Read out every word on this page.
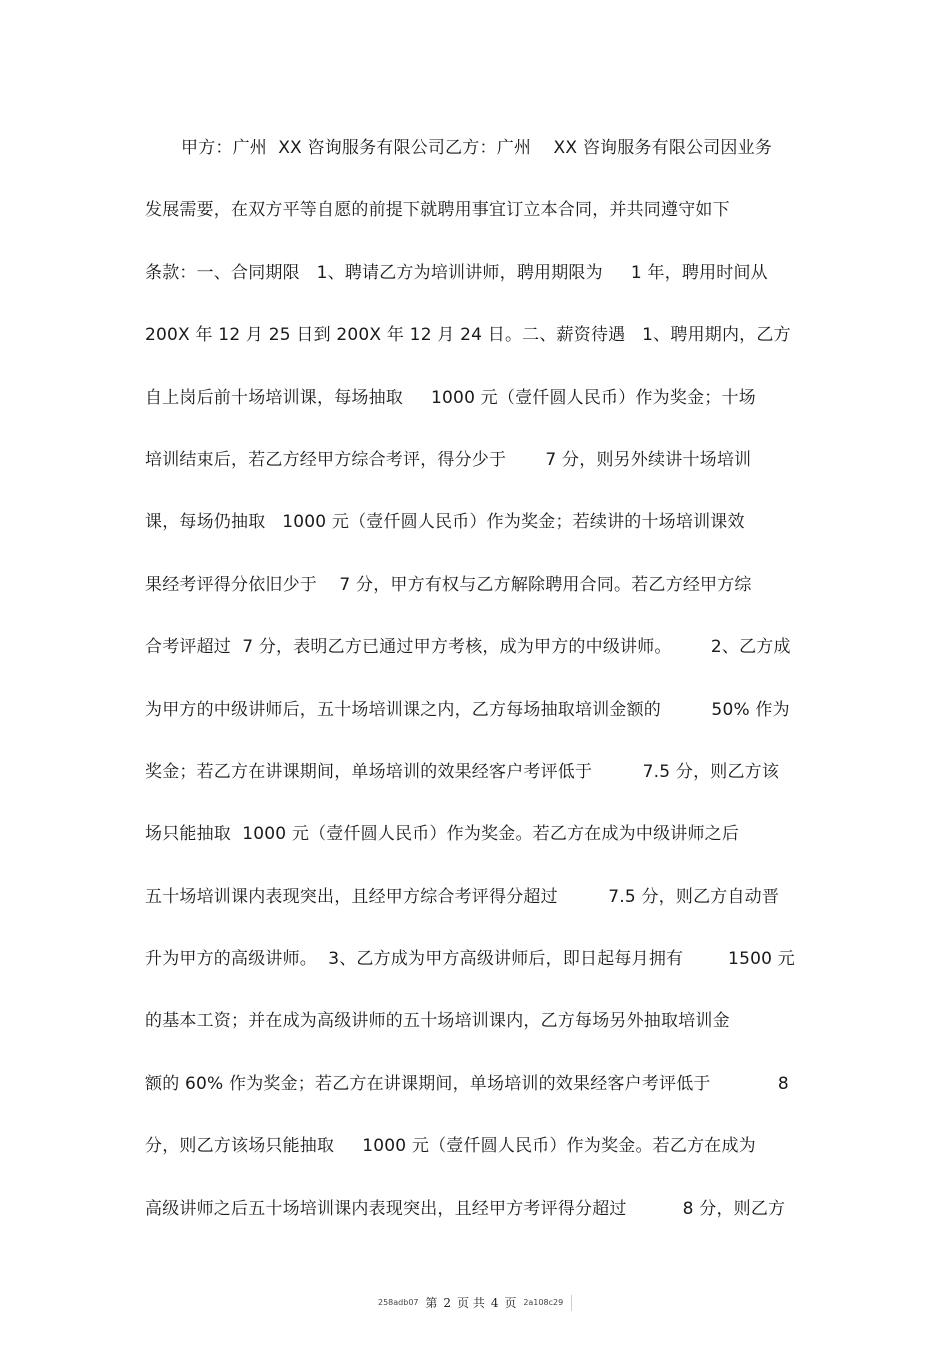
甲方：广州  XX 咨询服务有限公司乙方：广州    XX 咨询服务有限公司因业务
发展需要，在双方平等自愿的前提下就聘用事宜订立本合同，并共同遵守如下
条款：一、合同期限   1、聘请乙方为培训讲师，聘用期限为     1 年，聘用时间从
200X 年 12 月 25 日到 200X 年 12 月 24 日。二、薪资待遇   1、聘用期内，乙方
自上岗后前十场培训课，每场抽取     1000 元（壹仟圆人民币）作为奖金；十场
培训结束后，若乙方经甲方综合考评，得分少于       7 分，则另外续讲十场培训
课，每场仍抽取   1000 元（壹仟圆人民币）作为奖金；若续讲的十场培训课效
果经考评得分依旧少于    7 分，甲方有权与乙方解除聘用合同。若乙方经甲方综
合考评超过  7 分，表明乙方已通过甲方考核，成为甲方的中级讲师。       2、乙方成
为甲方的中级讲师后，五十场培训课之内，乙方每场抽取培训金额的         50% 作为
奖金；若乙方在讲课期间，单场培训的效果经客户考评低于         7.5 分，则乙方该
场只能抽取  1000 元（壹仟圆人民币）作为奖金。若乙方在成为中级讲师之后
五十场培训课内表现突出，且经甲方综合考评得分超过         7.5 分，则乙方自动晋
升为甲方的高级讲师。  3、乙方成为甲方高级讲师后，即日起每月拥有        1500 元
的基本工资；并在成为高级讲师的五十场培训课内，乙方每场另外抽取培训金
额的 60% 作为奖金；若乙方在讲课期间，单场培训的效果经客户考评低于            8
分，则乙方该场只能抽取     1000 元（壹仟圆人民币）作为奖金。若乙方在成为
高级讲师之后五十场培训课内表现突出，且经甲方考评得分超过          8 分，则乙方
258adb07 第 2 页 共 4 页 2a108c29
